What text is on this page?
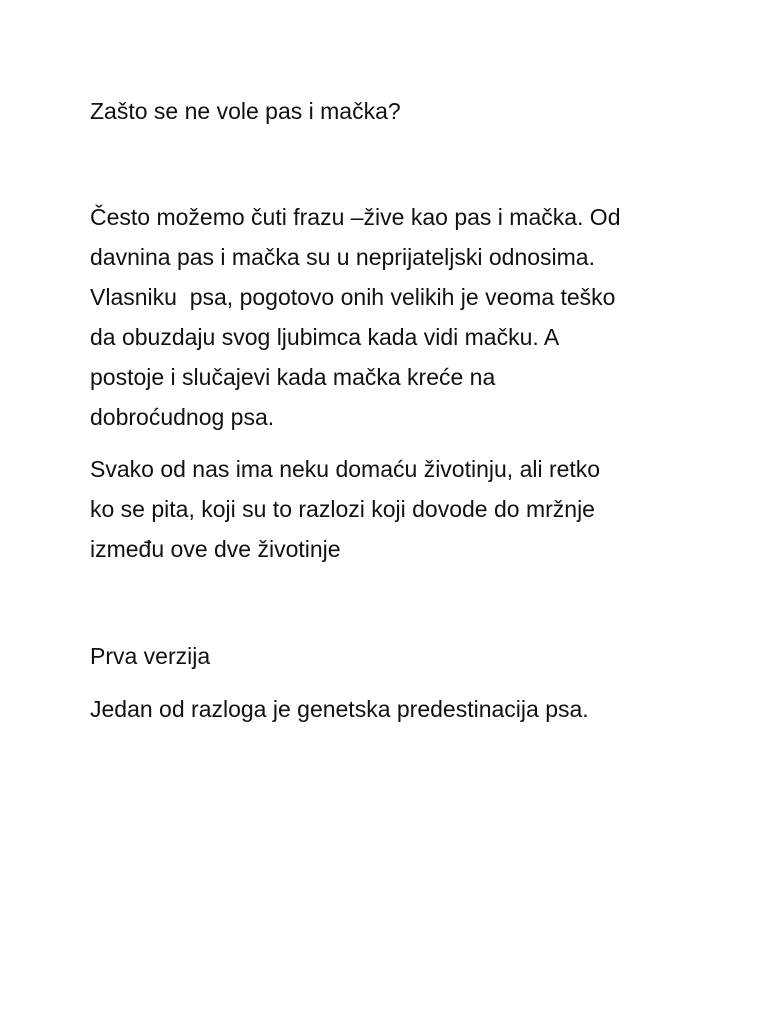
Zašto se ne vole pas i mačka?

Često možemo čuti frazu –žive kao pas i mačka. Od

davnina pas i mačka su u neprijateljski odnosima.

Vlasniku  psa, pogotovo onih velikih je veoma teško

da obuzdaju svog ljubimca kada vidi mačku. A

postoje i slučajevi kada mačka kreće na

dobroćudnog psa.

Svako od nas ima neku domaću životinju, ali retko

ko se pita, koji su to razlozi koji dovode do mržnje

između ove dve životinje

Prva verzija

Jedan od razloga je genetska predestinacija psa.
